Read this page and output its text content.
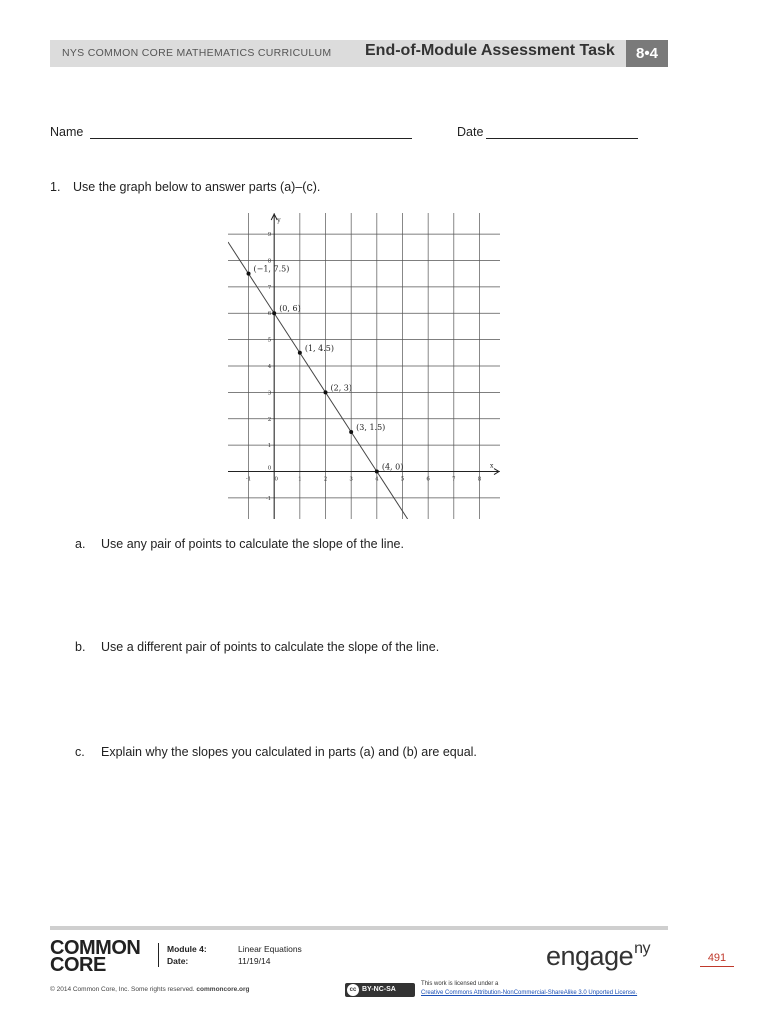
NYS COMMON CORE MATHEMATICS CURRICULUM End-of-Module Assessment Task	8•4
Name	Date
1. Use the graph below to answer parts (a)–(c).
x
y
-1	0	1	2	3	4	5	6	7	8
-1
1
2
3
4
5
6
7
8
9
0
(−1, 7.5)
(0, 6)
(1, 4.5)
(2, 3)
(3, 1.5)
(4, 0)
a. Use any pair of points to calculate the slope of the line.
b. Use a different pair of points to calculate the slope of the line.
c. Explain why the slopes you calculated in parts (a) and (b) are equal.
COMMON
CORE
Module 4:	Linear Equations
Date:	11/19/14	engage$^{ny}$
491
© 2014 Common Core, Inc. Some rights reserved. commoncore.org	cc BY-NC-SA
This work is licensed under a
Creative Commons Attribution-NonCommercial-ShareAlike 3.0 Unported License.
